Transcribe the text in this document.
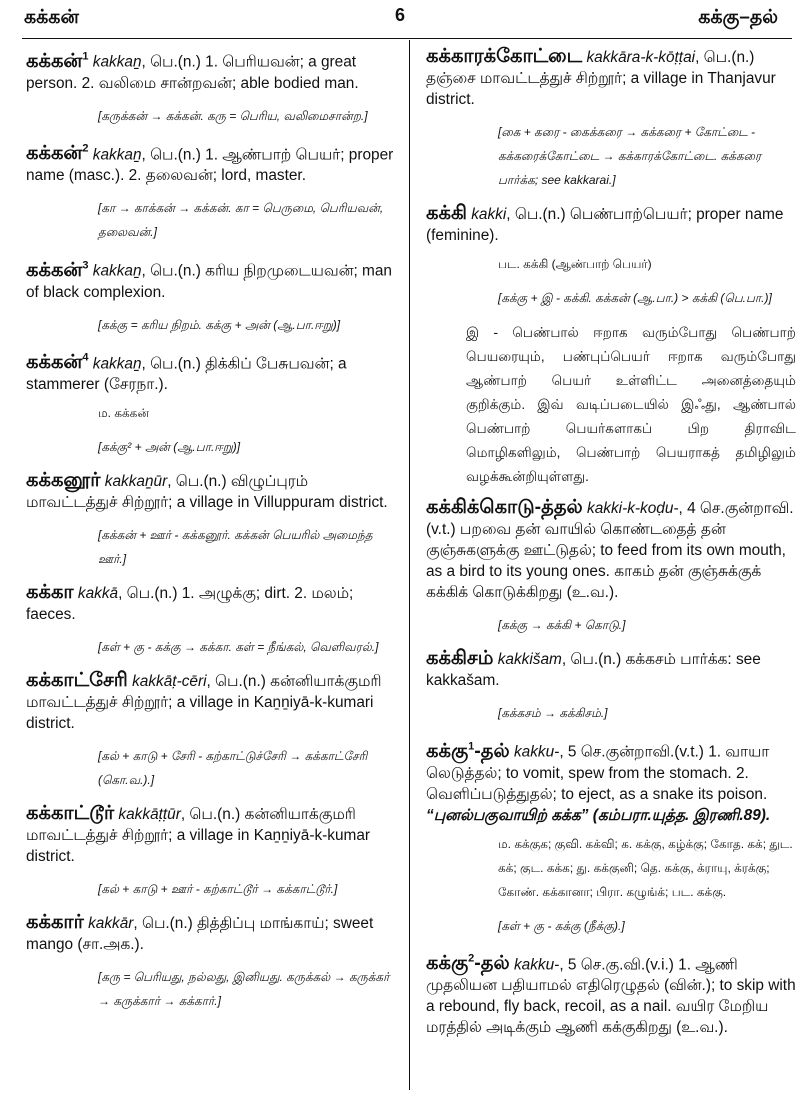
கக்கன்	6	கக்கு–தல்
கக்கன்$^1$ kakkaṉ, பெ.(n.) 1. பெரியவன்; a great person. 2. வலிமை சான்றவன்; able bodied man.
[கருக்கன் → கக்கன். கரு = பெரிய, வலிமைசான்ற.]
கக்கன்$^2$ kakkaṉ, பெ.(n.) 1. ஆண்பாற் பெயர்; proper name (masc.). 2. தலைவன்; lord, master.
[கா → காக்கன் → கக்கன். கா = பெருமை, பெரியவன், தலைவன்.]
கக்கன்$^3$ kakkaṉ, பெ.(n.) கரிய நிறமுடையவன்; man of black complexion.
[கக்கு = கரிய நிறம். கக்கு + அன் (ஆ.பா.ஈறு)]
கக்கன்$^4$ kakkaṉ, பெ.(n.) திக்கிப் பேசுபவன்; a stammerer (சேரநா.).
ம. கக்கன்
[கக்கு² + அன் (ஆ.பா.ஈறு)]
கக்கனூர் kakkaṉūr, பெ.(n.) விழுப்புரம் மாவட்டத்துச் சிற்றூர்; a village in Villuppuram district.
[கக்கன் + ஊர் - கக்கனூர். கக்கன் பெயரில் அமைந்த ஊர்.]
கக்கா kakkā, பெ.(n.) 1. அழுக்கு; dirt. 2. மலம்; faeces.
[கள் + கு - கக்கு → கக்கா. கள் = நீங்கல், வெளிவரல்.]
கக்காட்சேரி kakkāṭ-cēri, பெ.(n.) கன்னியாக்குமரி மாவட்டத்துச் சிற்றூர்; a village in Kaṉṉiyā-k-kumari district.
[கல் + காடு + சேரி - கற்காட்டுச்சேரி → கக்காட்சேரி (கொ.வ.).]
கக்காட்டூர் kakkāṭṭūr, பெ.(n.) கன்னியாக்குமரி மாவட்டத்துச் சிற்றூர்; a village in Kaṉṉiyā-k-kumar district.
[கல் + காடு + ஊர் - கற்காட்டூர் → கக்காட்டூர்.]
கக்கார் kakkār, பெ.(n.) தித்திப்பு மாங்காய்; sweet mango (சா.அக.).
[கரு = பெரியது, நல்லது, இனியது. கருக்கல் → கருக்கர் → கருக்கார் → கக்கார்.]
கக்காரக்கோட்டை kakkāra-k-kōṭṭai, பெ.(n.) தஞ்சை மாவட்டத்துச் சிற்றூர்; a village in Thanjavur district.
[கை + கரை - கைக்கரை → கக்கரை + கோட்டை - கக்கரைக்கோட்டை → கக்காரக்கோட்டை. கக்கரை பார்க்க; see kakkarai.]
கக்கி kakki, பெ.(n.) பெண்பாற்பெயர்; proper name (feminine).
பட. கக்கி (ஆண்பாற் பெயர்)
[கக்கு + இ - கக்கி. கக்கன் (ஆ.பா.) > கக்கி (பெ.பா.)]
இ - பெண்பால் ஈறாக வரும்போது பெண்பாற் பெயரையும், பண்புப்பெயர் ஈறாக வரும்போது ஆண்பாற் பெயர் உள்ளிட்ட அனைத்தையும் குறிக்கும். இவ் வடிப்படையில் இஃது, ஆண்பால் பெண்பாற் பெயர்களாகப் பிற திராவிட மொழிகளிலும், பெண்பாற் பெயராகத் தமிழிலும் வழக்கூன்றியுள்ளது.
கக்கிக்கொடு-த்தல் kakki-k-koḍu-, 4 செ.குன்றாவி. (v.t.) பறவை தன் வாயில் கொண்டதைத் தன் குஞ்சுகளுக்கு ஊட்டுதல்; to feed from its own mouth, as a bird to its young ones. காகம் தன் குஞ்சுக்குக் கக்கிக் கொடுக்கிறது (உ.வ.).
[கக்கு → கக்கி + கொடு.]
கக்கிசம் kakkišam, பெ.(n.) கக்கசம் பார்க்க: see kakkašam.
[கக்கசம் → கக்கிசம்.]
கக்கு$^1$-தல் kakku-, 5 செ.குன்றாவி.(v.t.) 1. வாயா லெடுத்தல்; to vomit, spew from the stomach. 2. வெளிப்படுத்துதல்; to eject, as a snake its poison. “புனல்பகுவாயிற் கக்க” (கம்பரா.யுத்த. இரணி.89).
ம. கக்குக; குவி. கக்வி; க. கக்கு, கழ்க்கு; கோத. கக்; துட. கக்; குட. கக்க; து. கக்குனி; தெ. கக்கு, க்ராயு, க்ரக்கு; கோண். கக்கானா; பிரா. கழுங்க்; பட. கக்கு.
[கள் + கு - கக்கு (நீக்கு).]
கக்கு$^2$-தல் kakku-, 5 செ.கு.வி.(v.i.) 1. ஆணி முதலியன பதியாமல் எதிரெழுதல் (வின்.); to skip with a rebound, fly back, recoil, as a nail. வயிர மேறிய மரத்தில் அடிக்கும் ஆணி கக்குகிறது (உ.வ.).
